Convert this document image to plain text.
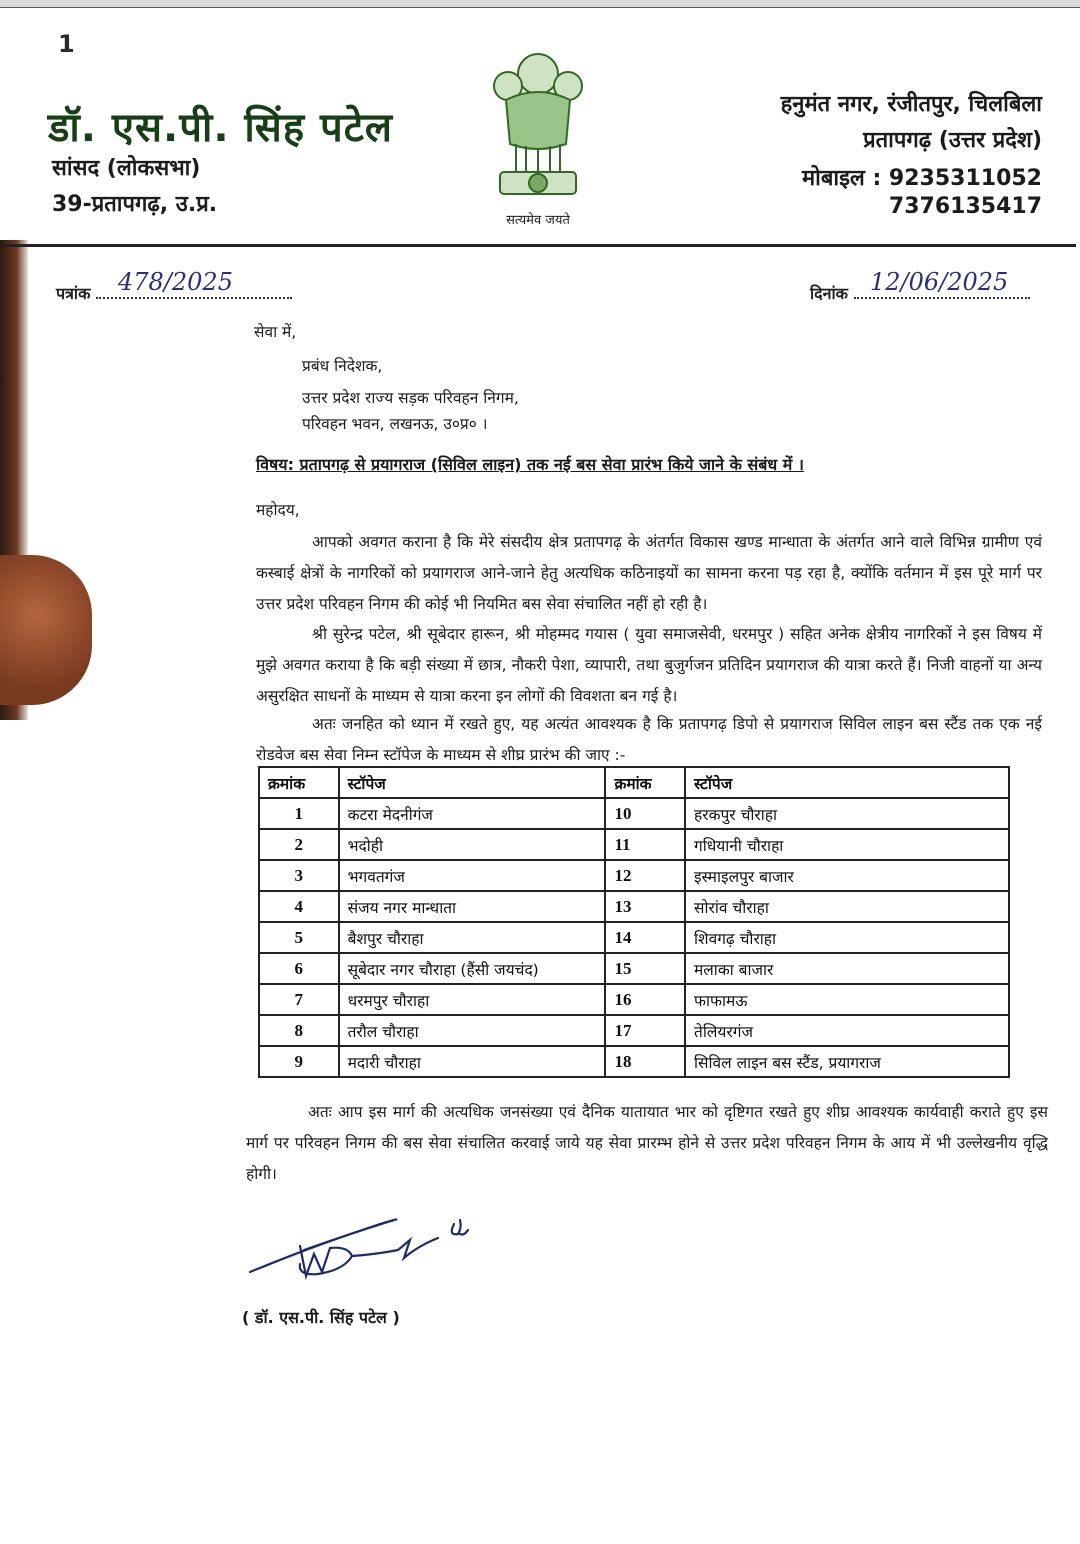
1
डॉ. एस.पी. सिंह पटेल
सांसद (लोकसभा)
39-प्रतापगढ़, उ.प्र.
सत्यमेव जयते
हनुमंत नगर, रंजीतपुर, चिलबिला
प्रतापगढ़ (उत्तर प्रदेश)
मोबाइल : 9235311052
7376135417
पत्रांक	478/2025	दिनांक 12/06/2025
सेवा में,
प्रबंध निदेशक,
उत्तर प्रदेश राज्य सड़क परिवहन निगम,
परिवहन भवन, लखनऊ, उ०प्र० ।
विषय: प्रतापगढ़ से प्रयागराज (सिविल लाइन) तक नई बस सेवा प्रारंभ किये जाने के संबंध में ।
महोदय,
आपको अवगत कराना है कि मेरे संसदीय क्षेत्र प्रतापगढ़ के अंतर्गत विकास खण्ड मान्धाता के अंतर्गत आने वाले विभिन्न ग्रामीण एवं कस्बाई क्षेत्रों के नागरिकों को प्रयागराज आने-जाने हेतु अत्यधिक कठिनाइयों का सामना करना पड़ रहा है, क्योंकि वर्तमान में इस पूरे मार्ग पर उत्तर प्रदेश परिवहन निगम की कोई भी नियमित बस सेवा संचालित नहीं हो रही है।
श्री सुरेन्द्र पटेल, श्री सूबेदार हारून, श्री मोहम्मद गयास ( युवा समाजसेवी, धरमपुर ) सहित अनेक क्षेत्रीय नागरिकों ने इस विषय में मुझे अवगत कराया है कि बड़ी संख्या में छात्र, नौकरी पेशा, व्यापारी, तथा बुजुर्गजन प्रतिदिन प्रयागराज की यात्रा करते हैं। निजी वाहनों या अन्य असुरक्षित साधनों के माध्यम से यात्रा करना इन लोगों की विवशता बन गई है।
अतः जनहित को ध्यान में रखते हुए, यह अत्यंत आवश्यक है कि प्रतापगढ़ डिपो से प्रयागराज सिविल लाइन बस स्टैंड तक एक नई रोडवेज बस सेवा निम्न स्टॉपेज के माध्यम से शीघ्र प्रारंभ की जाए :-
क्रमांक	स्टॉपेज	क्रमांक	स्टॉपेज
1	कटरा मेदनीगंज	10	हरकपुर चौराहा
2	भदोही	11	गधियानी चौराहा
3	भगवतगंज	12	इस्माइलपुर बाजार
4	संजय नगर मान्धाता	13	सोरांव चौराहा
5	बैशपुर चौराहा	14	शिवगढ़ चौराहा
6	सूबेदार नगर चौराहा (हैंसी जयचंद)	15	मलाका बाजार
7	धरमपुर चौराहा	16	फाफामऊ
8	तरौल चौराहा	17	तेलियरगंज
9	मदारी चौराहा	18	सिविल लाइन बस स्टैंड, प्रयागराज
अतः आप इस मार्ग की अत्यधिक जनसंख्या एवं दैनिक यातायात भार को दृष्टिगत रखते हुए शीघ्र आवश्यक कार्यवाही कराते हुए इस मार्ग पर परिवहन निगम की बस सेवा संचालित करवाई जाये यह सेवा प्रारम्भ होने से उत्तर प्रदेश परिवहन निगम के आय में भी उल्लेखनीय वृद्धि होगी।
( डॉ. एस.पी. सिंह पटेल )
